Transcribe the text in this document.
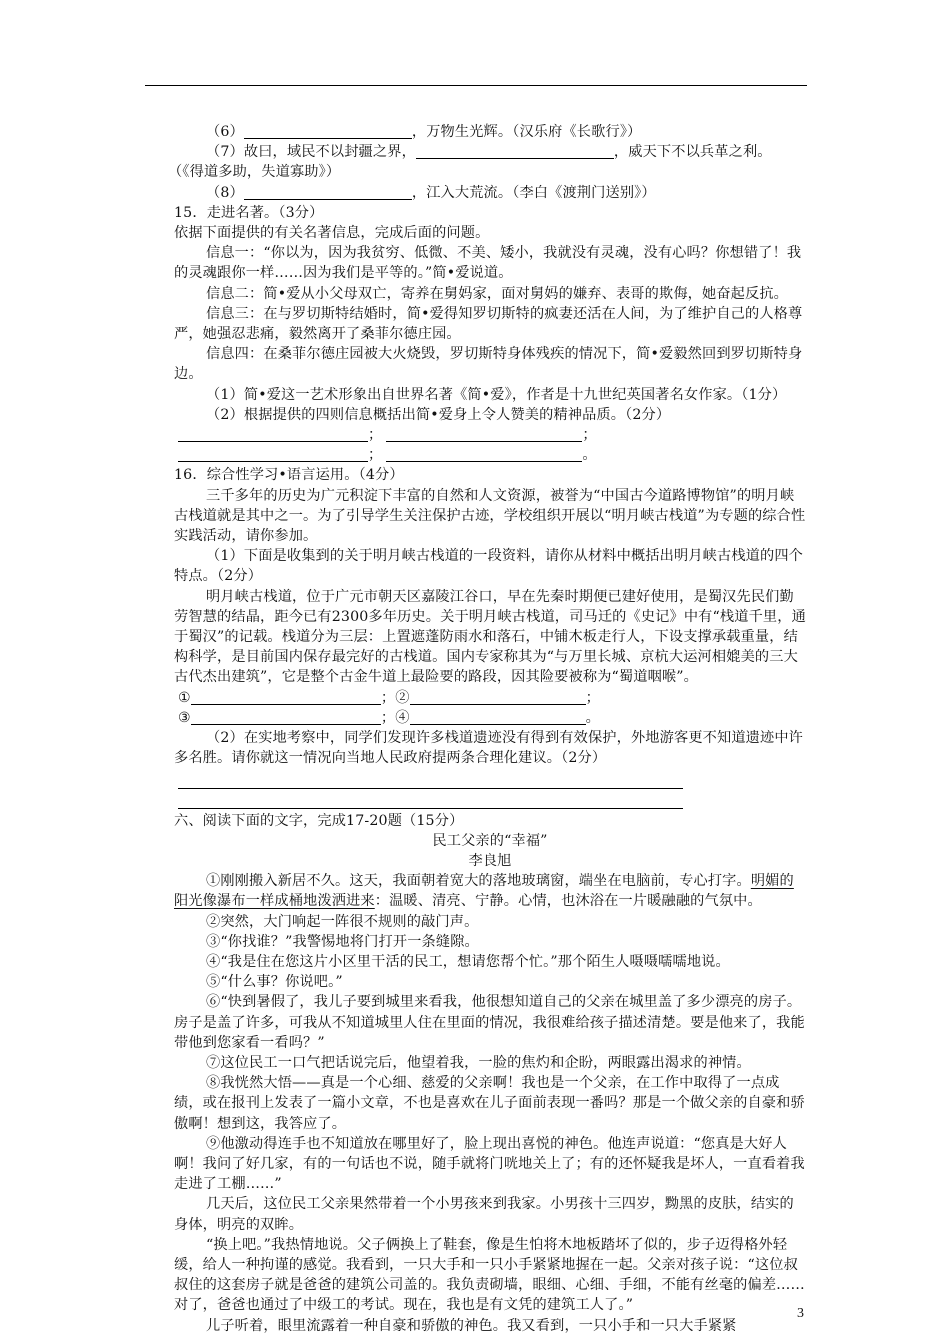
（6）	，万物生光辉。（汉乐府《长歌行》）

（7）故曰，域民不以封疆之界，	，威天下不以兵革之利。

（《得道多助，失道寡助》）

（8）	，江入大荒流。（李白《渡荆门送别》）

15．走进名著。（3分）

依据下面提供的有关名著信息，完成后面的问题。

信息一：“你以为，因为我贫穷、低微、不美、矮小，我就没有灵魂，没有心吗？你想错了！我的灵魂跟你一样……因为我们是平等的。”简•爱说道。

信息二：简•爱从小父母双亡，寄养在舅妈家，面对舅妈的嫌弃、表哥的欺侮，她奋起反抗。

信息三：在与罗切斯特结婚时，简•爱得知罗切斯特的疯妻还活在人间，为了维护自己的人格尊严，她强忍悲痛，毅然离开了桑菲尔德庄园。

信息四：在桑菲尔德庄园被大火烧毁，罗切斯特身体残疾的情况下，简•爱毅然回到罗切斯特身边。

（1）简•爱这一艺术形象出自世界名著《简•爱》，作者是十九世纪英国著名女作家。（1分）

（2）根据提供的四则信息概括出简•爱身上令人赞美的精神品质。（2分）

；	；

；	。

16．综合性学习•语言运用。（4分）

三千多年的历史为广元积淀下丰富的自然和人文资源，被誉为“中国古今道路博物馆”的明月峡古栈道就是其中之一。为了引导学生关注保护古迹，学校组织开展以“明月峡古栈道”为专题的综合性实践活动，请你参加。

（1）下面是收集到的关于明月峡古栈道的一段资料，请你从材料中概括出明月峡古栈道的四个特点。（2分）

明月峡古栈道，位于广元市朝天区嘉陵江谷口，早在先秦时期便已建好使用，是蜀汉先民们勤劳智慧的结晶，距今已有2300多年历史。关于明月峡古栈道，司马迁的《史记》中有“栈道千里，通于蜀汉”的记载。栈道分为三层：上置遮蓬防雨水和落石，中铺木板走行人，下设支撑承载重量，结构科学，是目前国内保存最完好的古栈道。国内专家称其为“与万里长城、京杭大运河相媲美的三大古代杰出建筑”，它是整个古金牛道上最险要的路段，因其险要被称为“蜀道咽喉”。

①	；②	；

③	；④	。

（2）在实地考察中，同学们发现许多栈道遗迹没有得到有效保护，外地游客更不知道遗迹中许多名胜。请你就这一情况向当地人民政府提两条合理化建议。（2分）

六、阅读下面的文字，完成17-20题（15分）

民工父亲的“幸福”

李良旭

①刚刚搬入新居不久。这天，我面朝着宽大的落地玻璃窗，端坐在电脑前，专心打字。明媚的阳光像瀑布一样成桶地泼洒进来：温暖、清亮、宁静。心情，也沐浴在一片暖融融的气氛中。

②突然，大门响起一阵很不规则的敲门声。

③“你找谁？”我警惕地将门打开一条缝隙。

④“我是住在您这片小区里干活的民工，想请您帮个忙。”那个陌生人嗫嗫嚅嚅地说。

⑤“什么事？你说吧。”

⑥“快到暑假了，我儿子要到城里来看我，他很想知道自己的父亲在城里盖了多少漂亮的房子。房子是盖了许多，可我从不知道城里人住在里面的情况，我很难给孩子描述清楚。要是他来了，我能带他到您家看一看吗？”

⑦这位民工一口气把话说完后，他望着我，一脸的焦灼和企盼，两眼露出渴求的神情。

⑧我恍然大悟——真是一个心细、慈爱的父亲啊！我也是一个父亲，在工作中取得了一点成绩，或在报刊上发表了一篇小文章，不也是喜欢在儿子面前表现一番吗？那是一个做父亲的自豪和骄傲啊！想到这，我答应了。

⑨他激动得连手也不知道放在哪里好了，脸上现出喜悦的神色。他连声说道：“您真是大好人啊！我问了好几家，有的一句话也不说，随手就将门咣地关上了；有的还怀疑我是坏人，一直看着我走进了工棚……”

几天后，这位民工父亲果然带着一个小男孩来到我家。小男孩十三四岁，黝黑的皮肤，结实的身体，明亮的双眸。

“换上吧。”我热情地说。父子俩换上了鞋套，像是生怕将木地板踏坏了似的，步子迈得格外轻缓，给人一种拘谨的感觉。我看到，一只大手和一只小手紧紧地握在一起。父亲对孩子说：“这位叔叔住的这套房子就是爸爸的建筑公司盖的。我负责砌墙，眼细、心细、手细，不能有丝毫的偏差……对了，爸爸也通过了中级工的考试。现在，我也是有文凭的建筑工人了。”

儿子听着，眼里流露着一种自豪和骄傲的神色。我又看到，一只小手和一只大手紧紧

3
